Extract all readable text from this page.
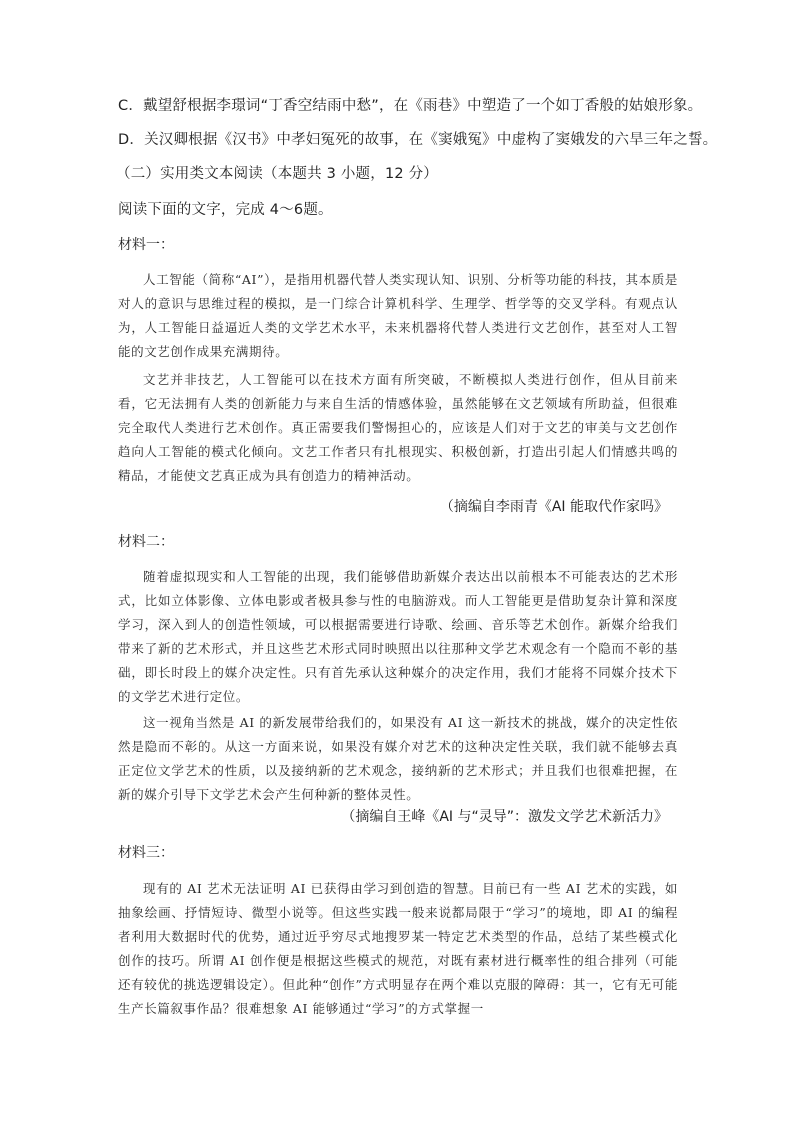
C．戴望舒根据李璟词“丁香空结雨中愁”，在《雨巷》中塑造了一个如丁香般的姑娘形象。
D．关汉卿根据《汉书》中孝妇冤死的故事，在《窦娥冤》中虚构了窦娥发的六旱三年之誓。
（二）实用类文本阅读（本题共 3 小题，12 分）
阅读下面的文字，完成 4～6题。
材料一：
人工智能（简称“AI”），是指用机器代替人类实现认知、识别、分析等功能的科技，其本质是对人的意识与思维过程的模拟，是一门综合计算机科学、生理学、哲学等的交叉学科。有观点认为，人工智能日益逼近人类的文学艺术水平，未来机器将代替人类进行文艺创作，甚至对人工智能的文艺创作成果充满期待。
文艺并非技艺，人工智能可以在技术方面有所突破，不断模拟人类进行创作，但从目前来看，它无法拥有人类的创新能力与来自生活的情感体验，虽然能够在文艺领域有所助益，但很难完全取代人类进行艺术创作。真正需要我们警惕担心的，应该是人们对于文艺的审美与文艺创作趋向人工智能的模式化倾向。文艺工作者只有扎根现实、积极创新，打造出引起人们情感共鸣的精品，才能使文艺真正成为具有创造力的精神活动。
（摘编自李雨青《AI 能取代作家吗》
材料二：
随着虚拟现实和人工智能的出现，我们能够借助新媒介表达出以前根本不可能表达的艺术形式，比如立体影像、立体电影或者极具参与性的电脑游戏。而人工智能更是借助复杂计算和深度学习，深入到人的创造性领域，可以根据需要进行诗歌、绘画、音乐等艺术创作。新媒介给我们带来了新的艺术形式，并且这些艺术形式同时映照出以往那种文学艺术观念有一个隐而不彰的基础，即长时段上的媒介决定性。只有首先承认这种媒介的决定作用，我们才能将不同媒介技术下的文学艺术进行定位。
这一视角当然是 AI 的新发展带给我们的，如果没有 AI 这一新技术的挑战，媒介的决定性依然是隐而不彰的。从这一方面来说，如果没有媒介对艺术的这种决定性关联，我们就不能够去真正定位文学艺术的性质，以及接纳新的艺术观念，接纳新的艺术形式；并且我们也很难把握，在新的媒介引导下文学艺术会产生何种新的整体灵性。
（摘编自王峰《AI 与“灵导”：激发文学艺术新活力》
材料三：
现有的 AI 艺术无法证明 AI 已获得由学习到创造的智慧。目前已有一些 AI 艺术的实践，如抽象绘画、抒情短诗、微型小说等。但这些实践一般来说都局限于“学习”的境地，即 AI 的编程者利用大数据时代的优势，通过近乎穷尽式地搜罗某一特定艺术类型的作品，总结了某些模式化创作的技巧。所谓 AI 创作便是根据这些模式的规范，对既有素材进行概率性的组合排列（可能还有较优的挑选逻辑设定）。但此种“创作”方式明显存在两个难以克服的障碍：其一，它有无可能生产长篇叙事作品？很难想象 AI 能够通过“学习”的方式掌握一
